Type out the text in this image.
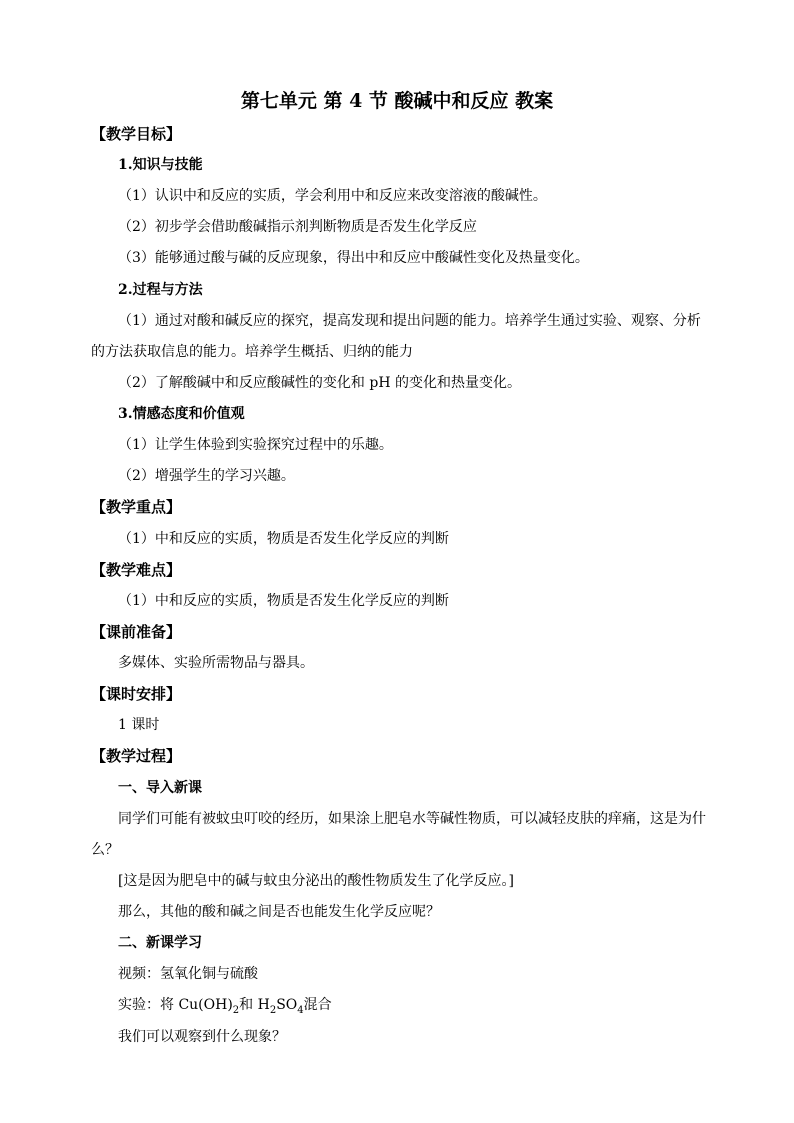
第七单元 第 4 节 酸碱中和反应 教案
【教学目标】
1.知识与技能
（1）认识中和反应的实质，学会利用中和反应来改变溶液的酸碱性。
（2）初步学会借助酸碱指示剂判断物质是否发生化学反应
（3）能够通过酸与碱的反应现象，得出中和反应中酸碱性变化及热量变化。
2.过程与方法
（1）通过对酸和碱反应的探究，提高发现和提出问题的能力。培养学生通过实验、观察、分析
的方法获取信息的能力。培养学生概括、归纳的能力
（2）了解酸碱中和反应酸碱性的变化和 pH 的变化和热量变化。
3.情感态度和价值观
（1）让学生体验到实验探究过程中的乐趣。
（2）增强学生的学习兴趣。
【教学重点】
（1）中和反应的实质，物质是否发生化学反应的判断
【教学难点】
（1）中和反应的实质，物质是否发生化学反应的判断
【课前准备】
多媒体、实验所需物品与器具。
【课时安排】
1 课时
【教学过程】
一、导入新课
同学们可能有被蚊虫叮咬的经历，如果涂上肥皂水等碱性物质，可以减轻皮肤的痒痛，这是为什
么？
[这是因为肥皂中的碱与蚊虫分泌出的酸性物质发生了化学反应。]
那么，其他的酸和碱之间是否也能发生化学反应呢？
二、新课学习
视频：氢氧化铜与硫酸
实验：将 $Cu(OH)_2$和 $H_2SO_4$混合
我们可以观察到什么现象？
